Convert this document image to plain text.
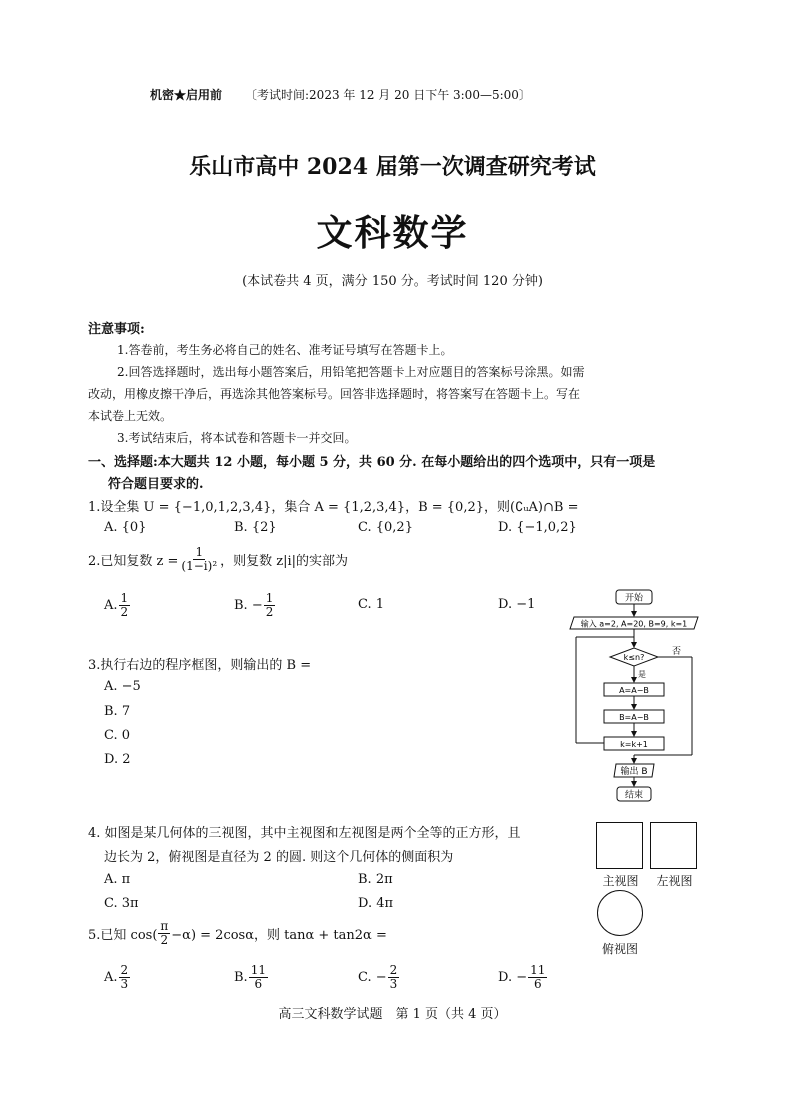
机密★启用前 〔考试时间:2023 年 12 月 20 日下午 3:00—5:00〕
乐山市高中 2024 届第一次调查研究考试
文科数学
(本试卷共 4 页，满分 150 分。考试时间 120 分钟)
注意事项:
1.答卷前，考生务必将自己的姓名、准考证号填写在答题卡上。
2.回答选择题时，选出每小题答案后，用铅笔把答题卡上对应题目的答案标号涂黑。如需
改动，用橡皮擦干净后，再选涂其他答案标号。回答非选择题时，将答案写在答题卡上。写在
本试卷上无效。
3.考试结束后，将本试卷和答题卡一并交回。
一、选择题:本大题共 12 小题，每小题 5 分，共 60 分. 在每小题给出的四个选项中，只有一项是
符合题目要求的.
1.设全集 U = {−1,0,1,2,3,4}，集合 A = {1,2,3,4}，B = {0,2}，则(∁ᵤA)∩B =
A. {0}	B. {2}	C. {0,2}	D. {−1,0,2}
2.已知复数 $z = \frac{1}{\text{(1−i)²}}$ ，则复数 z|i|的实部为
A. $\frac{1}{2}$	B. − $\frac{1}{2}$	C. 1	D. −1
3.执行右边的程序框图，则输出的 B =
A. −5
B. 7
C. 0
D. 2
开始
输入 a=2, A=20, B=9, k=1
k≤n?
否
是
A=A−B
B=A−B
k=k+1
输出 B
结束
4. 如图是某几何体的三视图，其中主视图和左视图是两个全等的正方形，且
边长为 2，俯视图是直径为 2 的圆. 则这个几何体的侧面积为
A. π	B. 2π
C. 3π	D. 4π
主视图	左视图
俯视图
5.已知 $\cos( \frac{\pi}{2} -\alpha) = 2\cos\alpha$，则 tanα + tan2α =
A. $\frac{2}{3}$	B. $\frac{11}{6}$	C. − $\frac{2}{3}$	D. − $\frac{11}{6}$
高三文科数学试题　第 1 页（共 4 页）
